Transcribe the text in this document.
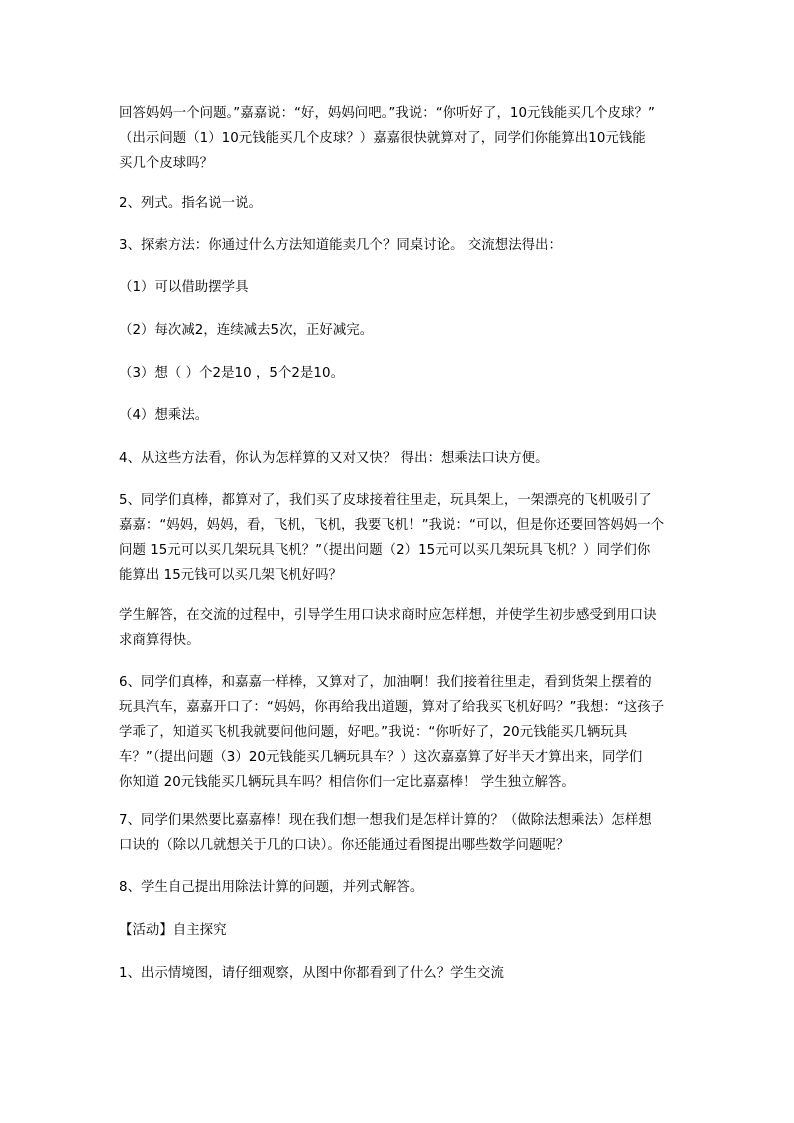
回答妈妈一个问题。”嘉嘉说：“好，妈妈问吧。”我说：“你听好了，10元钱能买几个皮球？”
（出示问题（1）10元钱能买几个皮球？）嘉嘉很快就算对了，同学们你能算出10元钱能
买几个皮球吗？

2、列式。指名说一说。

3、探索方法：你通过什么方法知道能卖几个？同桌讨论。 交流想法得出：

（1）可以借助摆学具

（2）每次减2，连续减去5次，正好减完。

（3）想（ ）个2是10 ，5个2是10。

（4）想乘法。

4、从这些方法看，你认为怎样算的又对又快？ 得出：想乘法口诀方便。

5、同学们真棒，都算对了，我们买了皮球接着往里走，玩具架上，一架漂亮的飞机吸引了
嘉嘉：“妈妈，妈妈，看，飞机，飞机，我要飞机！”我说：“可以，但是你还要回答妈妈一个
问题 15元可以买几架玩具飞机？”（提出问题（2）15元可以买几架玩具飞机？）同学们你
能算出 15元钱可以买几架飞机好吗？

学生解答，在交流的过程中，引导学生用口诀求商时应怎样想，并使学生初步感受到用口诀
求商算得快。

6、同学们真棒，和嘉嘉一样棒，又算对了，加油啊！我们接着往里走，看到货架上摆着的
玩具汽车，嘉嘉开口了：“妈妈，你再给我出道题，算对了给我买飞机好吗？”我想：“这孩子
学乖了，知道买飞机我就要问他问题，好吧。”我说：“你听好了，20元钱能买几辆玩具
车？”（提出问题（3）20元钱能买几辆玩具车？）这次嘉嘉算了好半天才算出来，同学们
你知道 20元钱能买几辆玩具车吗？相信你们一定比嘉嘉棒！ 学生独立解答。

7、同学们果然要比嘉嘉棒！现在我们想一想我们是怎样计算的？（做除法想乘法）怎样想
口诀的（除以几就想关于几的口诀）。你还能通过看图提出哪些数学问题呢？

8、学生自己提出用除法计算的问题，并列式解答。

【活动】自主探究

1、出示情境图，请仔细观察，从图中你都看到了什么？学生交流
